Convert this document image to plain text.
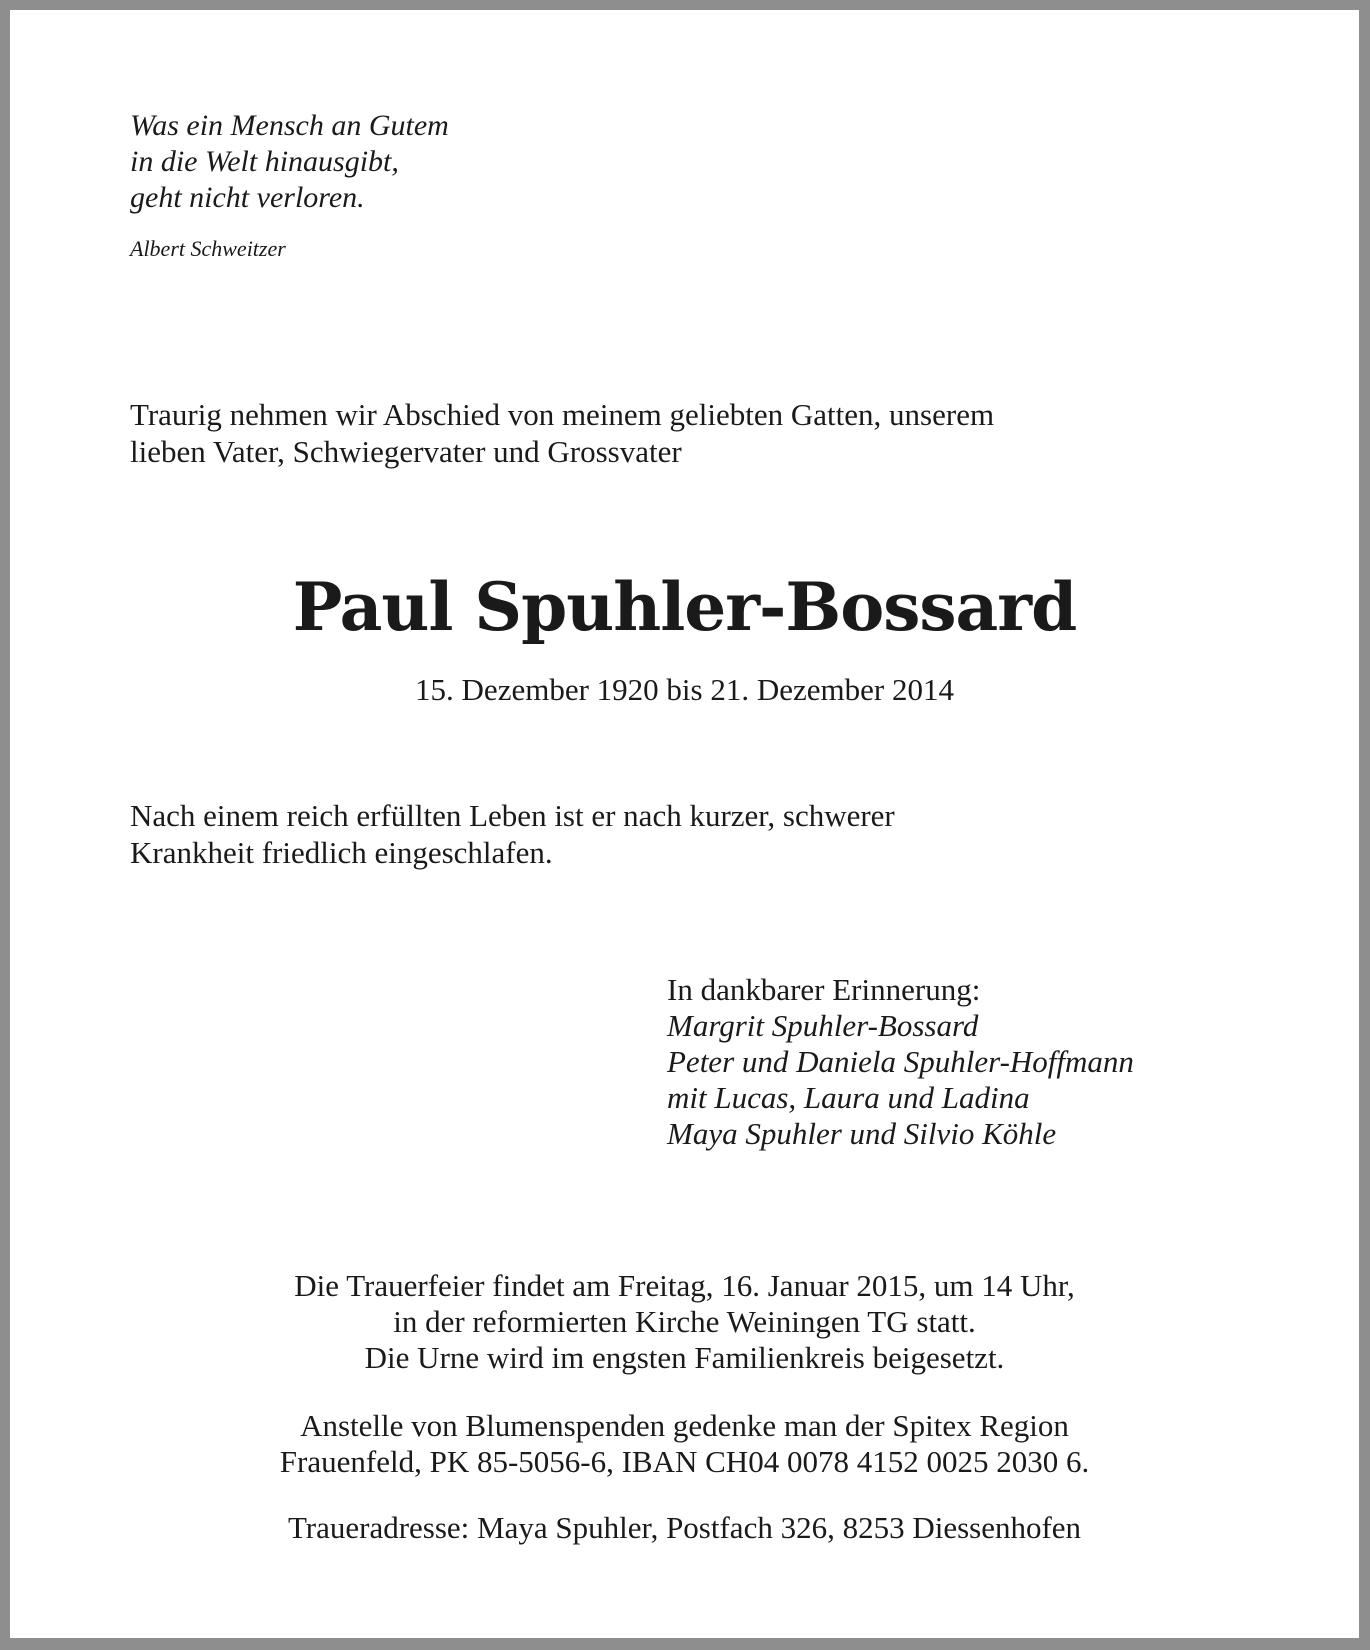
Was ein Mensch an Gutem
in die Welt hinausgibt,
geht nicht verloren.
Albert Schweitzer
Traurig nehmen wir Abschied von meinem geliebten Gatten, unserem
lieben Vater, Schwiegervater und Grossvater
Paul Spuhler-Bossard
15. Dezember 1920 bis 21. Dezember 2014
Nach einem reich erfüllten Leben ist er nach kurzer, schwerer
Krankheit friedlich eingeschlafen.
In dankbarer Erinnerung:
Margrit Spuhler-Bossard
Peter und Daniela Spuhler-Hoffmann
mit Lucas, Laura und Ladina
Maya Spuhler und Silvio Köhle
Die Trauerfeier findet am Freitag, 16. Januar 2015, um 14 Uhr,
in der reformierten Kirche Weiningen TG statt.
Die Urne wird im engsten Familienkreis beigesetzt.
Anstelle von Blumenspenden gedenke man der Spitex Region
Frauenfeld, PK 85-5056-6, IBAN CH04 0078 4152 0025 2030 6.
Traueradresse: Maya Spuhler, Postfach 326, 8253 Diessenhofen
